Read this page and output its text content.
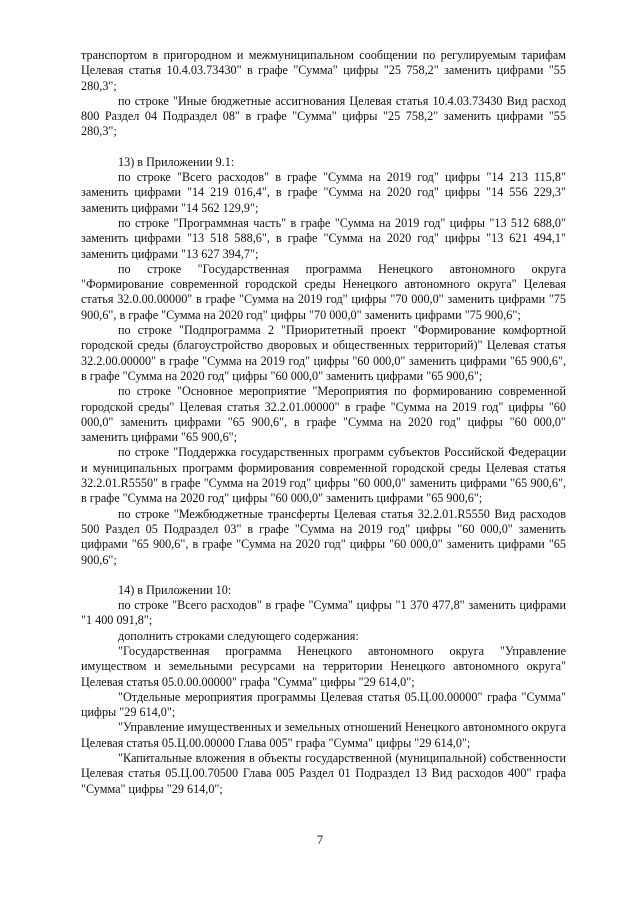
транспортом в пригородном и межмуниципальном сообщении по регулируемым тарифам Целевая статья 10.4.03.73430" в графе "Сумма" цифры "25 758,2" заменить цифрами "55 280,3";

по строке "Иные бюджетные ассигнования Целевая статья 10.4.03.73430 Вид расход 800 Раздел 04 Подраздел 08" в графе "Сумма" цифры "25 758,2" заменить цифрами "55 280,3";

13) в Приложении 9.1:

по строке "Всего расходов" в графе "Сумма на 2019 год" цифры "14 213 115,8" заменить цифрами "14 219 016,4", в графе "Сумма на 2020 год" цифры "14 556 229,3" заменить цифрами "14 562 129,9";

по строке "Программная часть" в графе "Сумма на 2019 год" цифры "13 512 688,0" заменить цифрами "13 518 588,6", в графе "Сумма на 2020 год" цифры "13 621 494,1" заменить цифрами "13 627 394,7";

по строке "Государственная программа Ненецкого автономного округа "Формирование современной городской среды Ненецкого автономного округа" Целевая статья 32.0.00.00000" в графе "Сумма на 2019 год" цифры "70 000,0" заменить цифрами "75 900,6", в графе "Сумма на 2020 год" цифры "70 000,0" заменить цифрами "75 900,6";

по строке "Подпрограмма 2 "Приоритетный проект "Формирование комфортной городской среды (благоустройство дворовых и общественных территорий)" Целевая статья 32.2.00.00000" в графе "Сумма на 2019 год" цифры "60 000,0" заменить цифрами "65 900,6", в графе "Сумма на 2020 год" цифры "60 000,0" заменить цифрами "65 900,6";

по строке "Основное мероприятие "Мероприятия по формированию современной городской среды" Целевая статья 32.2.01.00000" в графе "Сумма на 2019 год" цифры "60 000,0" заменить цифрами "65 900,6", в графе "Сумма на 2020 год" цифры "60 000,0" заменить цифрами "65 900,6";

по строке "Поддержка государственных программ субъектов Российской Федерации и муниципальных программ формирования современной городской среды Целевая статья 32.2.01.R5550" в графе "Сумма на 2019 год" цифры "60 000,0" заменить цифрами "65 900,6", в графе "Сумма на 2020 год" цифры "60 000,0" заменить цифрами "65 900,6";

по строке "Межбюджетные трансферты Целевая статья 32.2.01.R5550 Вид расходов 500 Раздел 05 Подраздел 03" в графе "Сумма на 2019 год" цифры "60 000,0" заменить цифрами "65 900,6", в графе "Сумма на 2020 год" цифры "60 000,0" заменить цифрами "65 900,6";

14) в Приложении 10:

по строке "Всего расходов" в графе "Сумма" цифры "1 370 477,8" заменить цифрами "1 400 091,8";

дополнить строками следующего содержания:

"Государственная программа Ненецкого автономного округа "Управление имуществом и земельными ресурсами на территории Ненецкого автономного округа" Целевая статья 05.0.00.00000" графа "Сумма" цифры "29 614,0";

"Отдельные мероприятия программы Целевая статья 05.Ц.00.00000" графа "Сумма" цифры "29 614,0";

"Управление имущественных и земельных отношений Ненецкого автономного округа Целевая статья 05.Ц.00.00000 Глава 005" графа "Сумма" цифры "29 614,0";

"Капитальные вложения в объекты государственной (муниципальной) собственности Целевая статья 05.Ц.00.70500 Глава 005 Раздел 01 Подраздел 13 Вид расходов 400" графа "Сумма" цифры "29 614,0";

7
